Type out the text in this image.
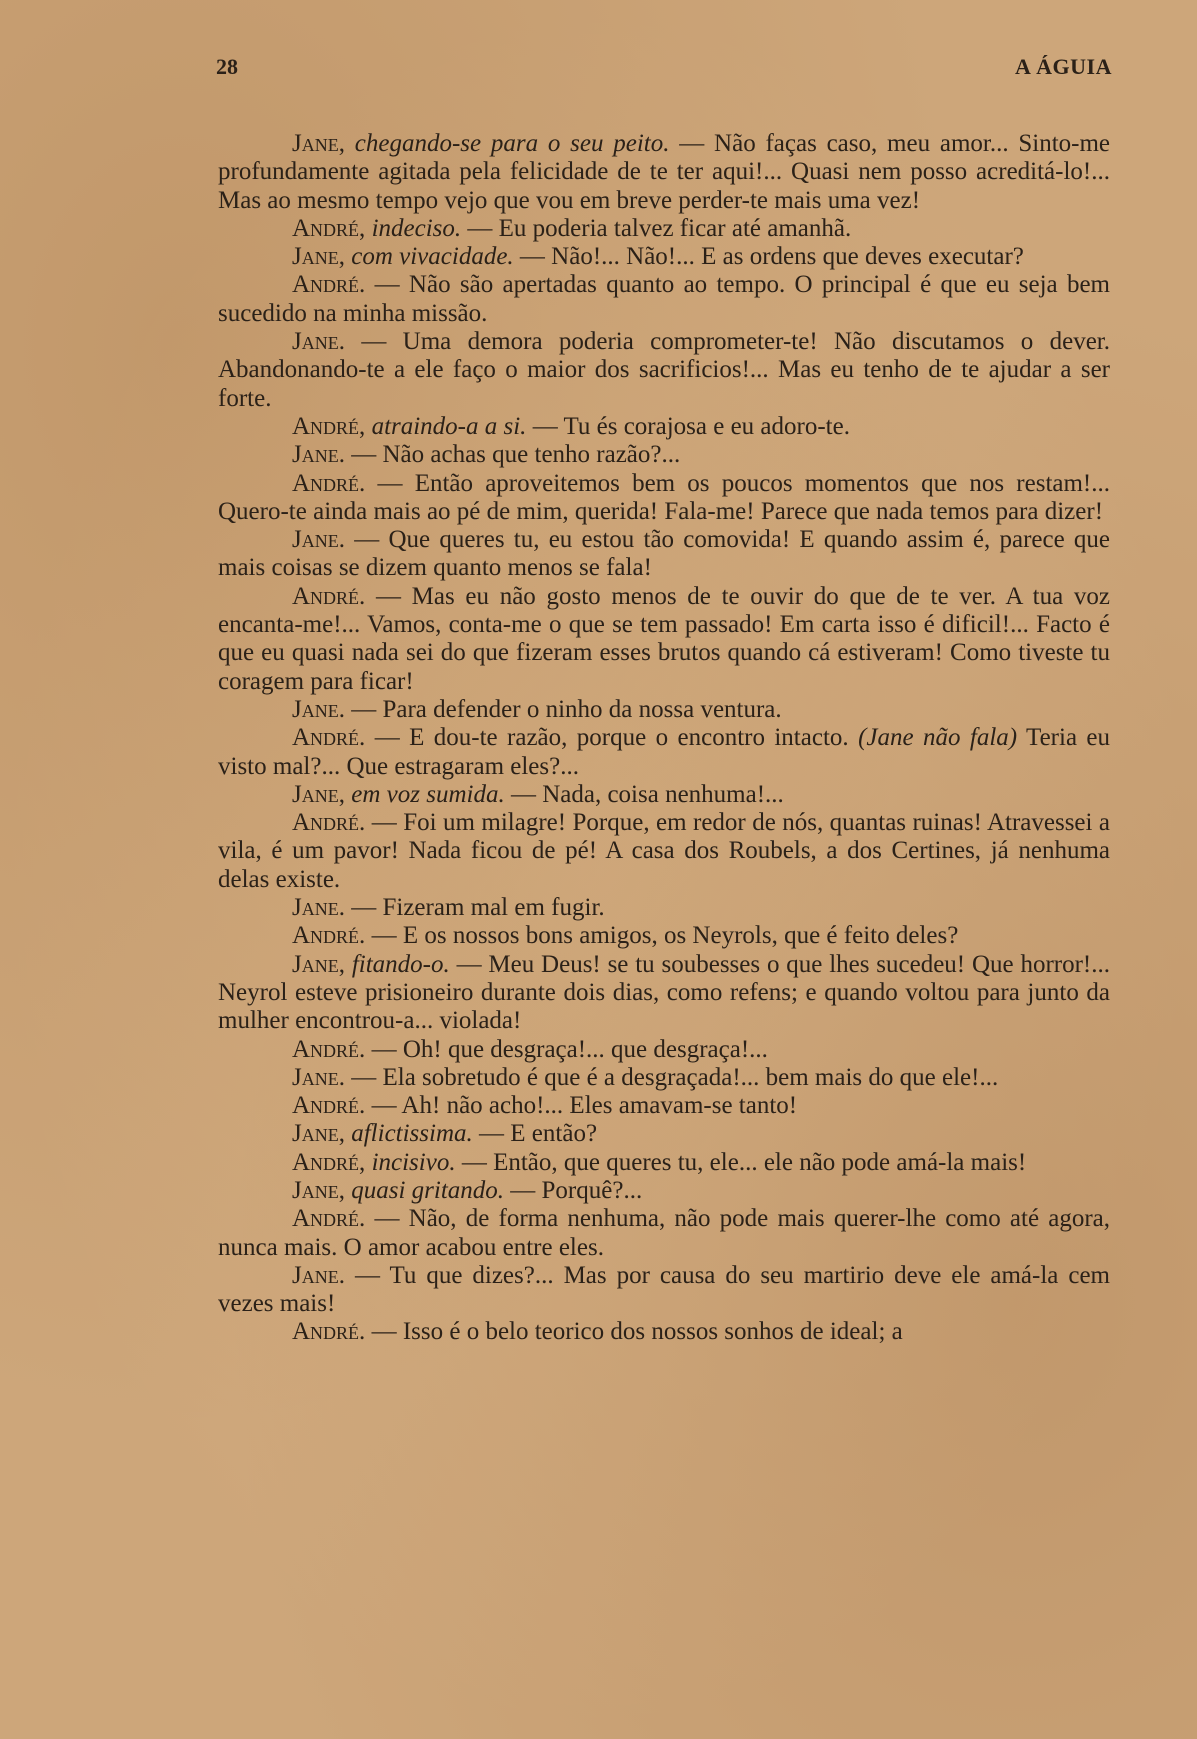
28	A ÁGUIA

Jane, chegando-se para o seu peito. — Não faças caso, meu amor... Sinto-me profundamente agitada pela felicidade de te ter aqui!... Quasi nem posso acreditá-lo!... Mas ao mesmo tempo vejo que vou em breve perder-te mais uma vez!

André, indeciso. — Eu poderia talvez ficar até amanhã.

Jane, com vivacidade. — Não!... Não!... E as ordens que deves executar?

André. — Não são apertadas quanto ao tempo. O principal é que eu seja bem sucedido na minha missão.

Jane. — Uma demora poderia comprometer-te! Não discutamos o dever. Abandonando-te a ele faço o maior dos sacrificios!... Mas eu tenho de te ajudar a ser forte.

André, atraindo-a a si. — Tu és corajosa e eu adoro-te.

Jane. — Não achas que tenho razão?...

André. — Então aproveitemos bem os poucos momentos que nos restam!... Quero-te ainda mais ao pé de mim, querida! Fala-me! Parece que nada temos para dizer!

Jane. — Que queres tu, eu estou tão comovida! E quando assim é, parece que mais coisas se dizem quanto menos se fala!

André. — Mas eu não gosto menos de te ouvir do que de te ver. A tua voz encanta-me!... Vamos, conta-me o que se tem passado! Em carta isso é dificil!... Facto é que eu quasi nada sei do que fizeram esses brutos quando cá estiveram! Como tiveste tu coragem para ficar!

Jane. — Para defender o ninho da nossa ventura.

André. — E dou-te razão, porque o encontro intacto. (Jane não fala) Teria eu visto mal?... Que estragaram eles?...

Jane, em voz sumida. — Nada, coisa nenhuma!...

André. — Foi um milagre! Porque, em redor de nós, quantas ruinas! Atravessei a vila, é um pavor! Nada ficou de pé! A casa dos Roubels, a dos Certines, já nenhuma delas existe.

Jane. — Fizeram mal em fugir.

André. — E os nossos bons amigos, os Neyrols, que é feito deles?

Jane, fitando-o. — Meu Deus! se tu soubesses o que lhes sucedeu! Que horror!... Neyrol esteve prisioneiro durante dois dias, como refens; e quando voltou para junto da mulher encontrou-a... violada!

André. — Oh! que desgraça!... que desgraça!...

Jane. — Ela sobretudo é que é a desgraçada!... bem mais do que ele!...

André. — Ah! não acho!... Eles amavam-se tanto!

Jane, aflictissima. — E então?

André, incisivo. — Então, que queres tu, ele... ele não pode amá-la mais!

Jane, quasi gritando. — Porquê?...

André. — Não, de forma nenhuma, não pode mais querer-lhe como até agora, nunca mais. O amor acabou entre eles.

Jane. — Tu que dizes?... Mas por causa do seu martirio deve ele amá-la cem vezes mais!

André. — Isso é o belo teorico dos nossos sonhos de ideal; a
